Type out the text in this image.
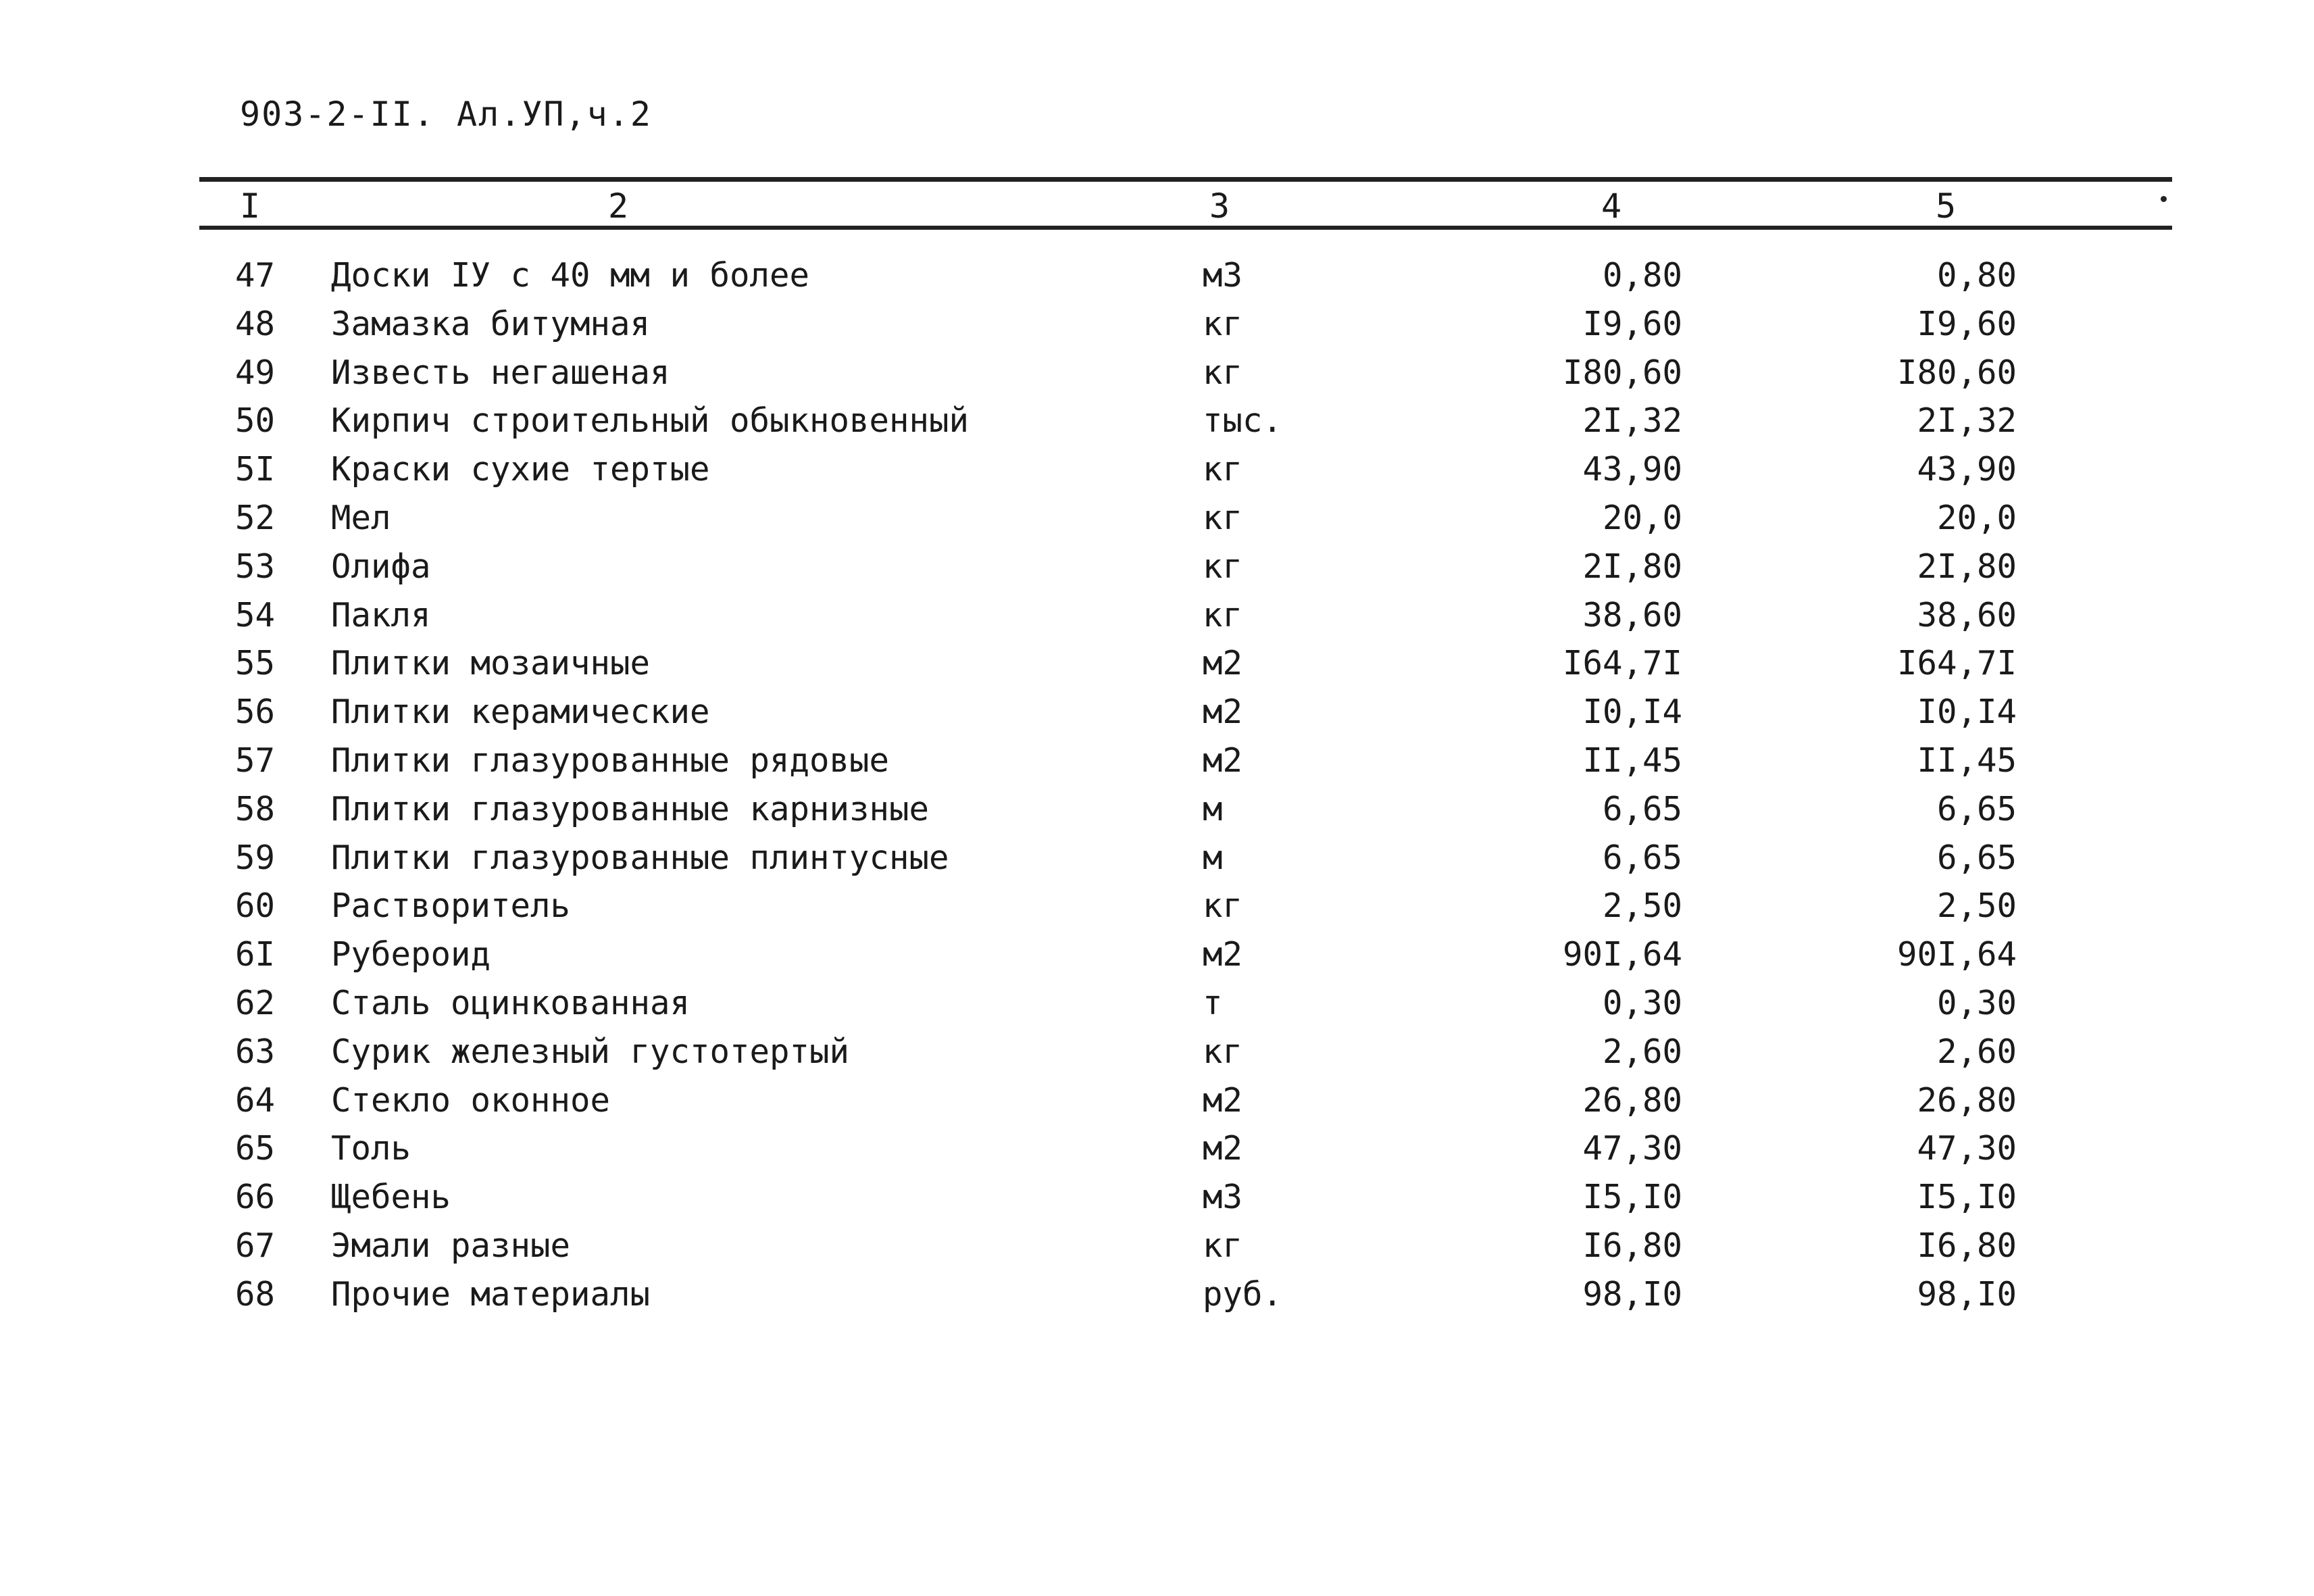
903-2-II. Ал.УП,ч.2
I	2	3	4	5
47	Доски IУ с 40 мм и более	м3	0,80	0,80
48	Замазка битумная	кг	I9,60	I9,60
49	Известь негашеная	кг	I80,60	I80,60
50	Кирпич строительный обыкновенный	тыс.	2I,32	2I,32
5I	Краски сухие тертые	кг	43,90	43,90
52	Мел	кг	20,0	20,0
53	Олифа	кг	2I,80	2I,80
54	Пакля	кг	38,60	38,60
55	Плитки мозаичные	м2	I64,7I	I64,7I
56	Плитки керамические	м2	I0,I4	I0,I4
57	Плитки глазурованные рядовые	м2	II,45	II,45
58	Плитки глазурованные карнизные	м	6,65	6,65
59	Плитки глазурованные плинтусные	м	6,65	6,65
60	Растворитель	кг	2,50	2,50
6I	Рубероид	м2	90I,64	90I,64
62	Сталь оцинкованная	т	0,30	0,30
63	Сурик железный густотертый	кг	2,60	2,60
64	Стекло оконное	м2	26,80	26,80
65	Толь	м2	47,30	47,30
66	Щебень	м3	I5,I0	I5,I0
67	Эмали разные	кг	I6,80	I6,80
68	Прочие материалы	руб.	98,I0	98,I0
